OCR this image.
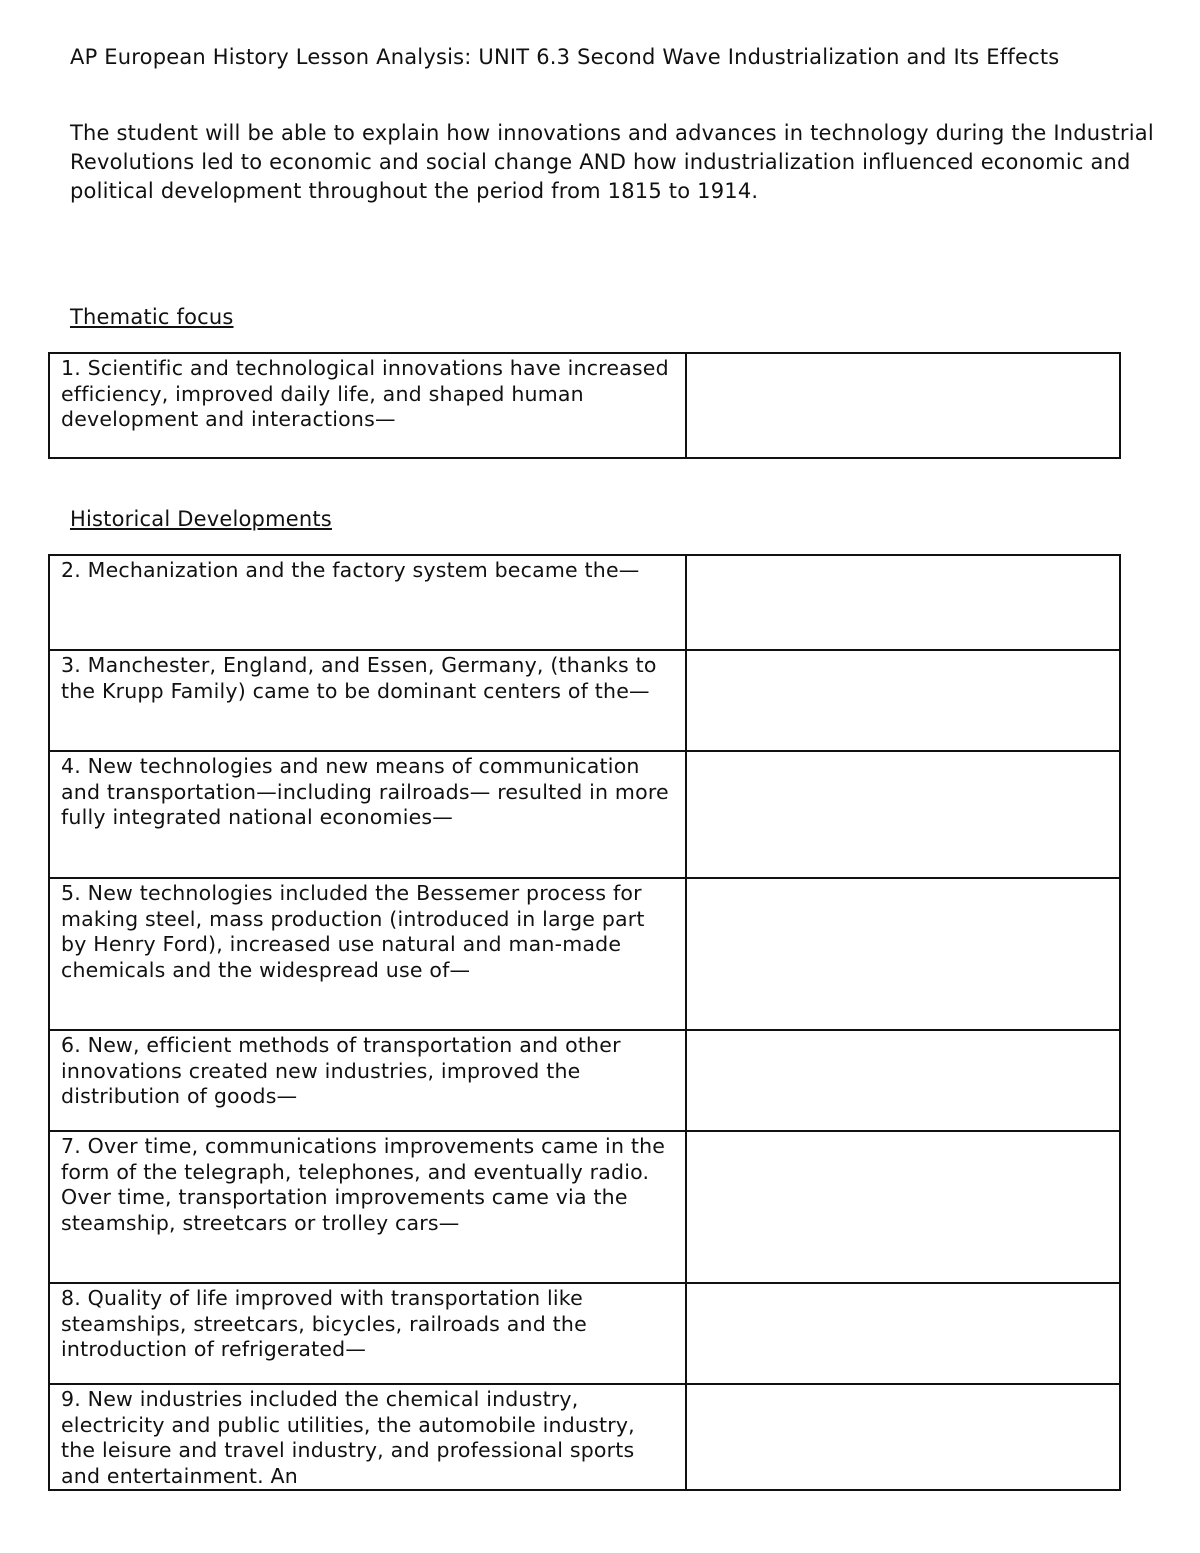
AP European History Lesson Analysis: UNIT 6.3 Second Wave Industrialization and Its Effects

The student will be able to explain how innovations and advances in technology during the Industrial Revolutions led to economic and social change AND how industrialization influenced economic and political development throughout the period from 1815 to 1914.

Thematic focus
1. Scientific and technological innovations have increased efficiency, improved daily life, and shaped human development and interactions—	
Historical Developments
2. Mechanization and the factory system became the—	
3. Manchester, England, and Essen, Germany, (thanks to the Krupp Family) came to be dominant centers of the—	
4. New technologies and new means of communication and transportation—including railroads— resulted in more fully integrated national economies—	
5. New technologies included the Bessemer process for making steel, mass production (introduced in large part by Henry Ford), increased use natural and man-made chemicals and the widespread use of—	
6. New, efficient methods of transportation and other innovations created new industries, improved the distribution of goods—	
7. Over time, communications improvements came in the form of the telegraph, telephones, and eventually radio. Over time, transportation improvements came via the steamship, streetcars or trolley cars—	
8. Quality of life improved with transportation like steamships, streetcars, bicycles, railroads and the introduction of refrigerated—	
9. New industries included the chemical industry, electricity and public utilities, the automobile industry, the leisure and travel industry, and professional sports and entertainment. An	
